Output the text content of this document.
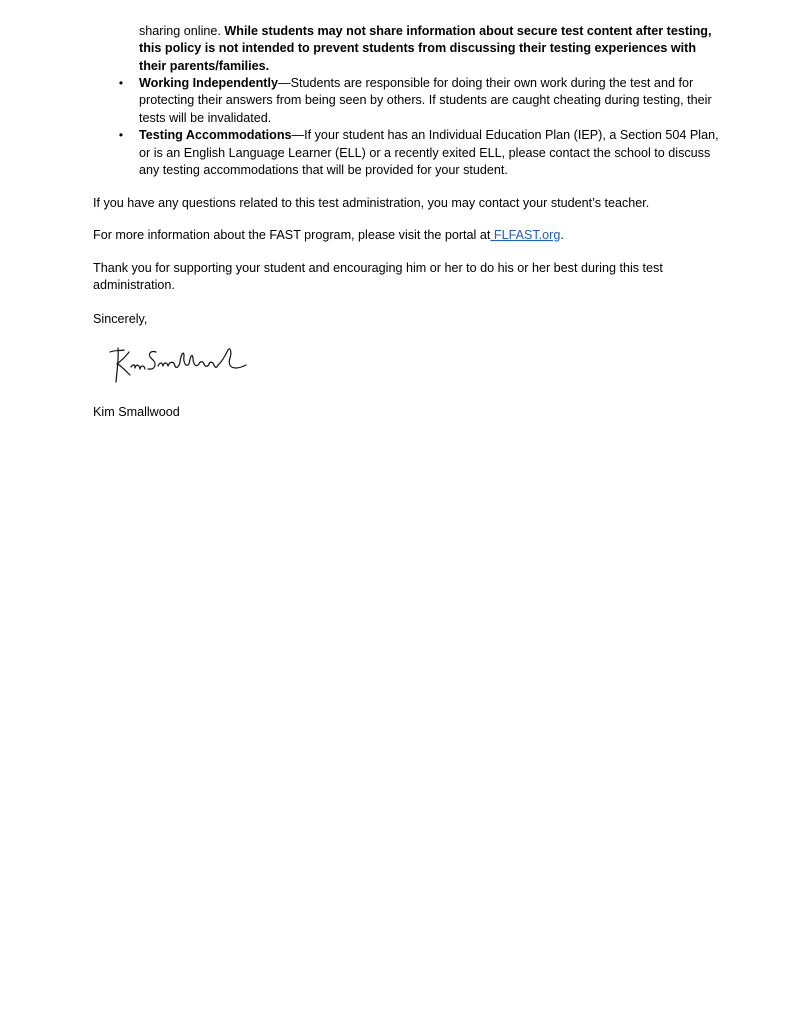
sharing online. While students may not share information about secure test content after testing, this policy is not intended to prevent students from discussing their testing experiences with their parents/families.

• Working Independently—Students are responsible for doing their own work during the test and for protecting their answers from being seen by others. If students are caught cheating during testing, their tests will be invalidated.
• Testing Accommodations—If your student has an Individual Education Plan (IEP), a Section 504 Plan, or is an English Language Learner (ELL) or a recently exited ELL, please contact the school to discuss any testing accommodations that will be provided for your student.

If you have any questions related to this test administration, you may contact your student’s teacher.

For more information about the FAST program, please visit the portal at FLFAST.org.

Thank you for supporting your student and encouraging him or her to do his or her best during this test administration.

Sincerely,

Kim Smallwood
